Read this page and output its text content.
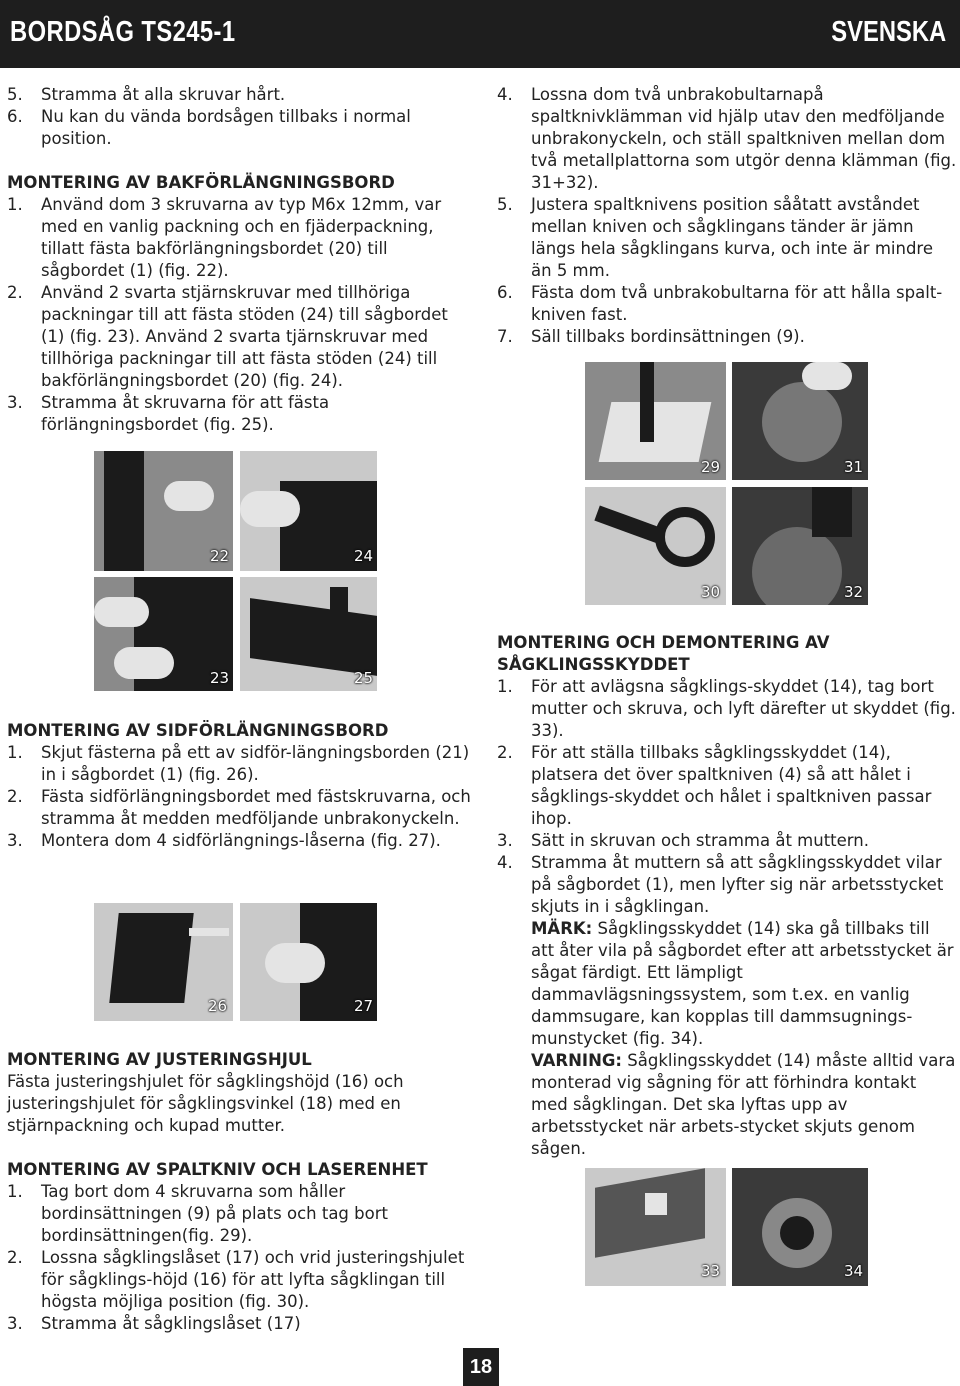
BORDSÅG TS245-1	SVENSKA
5. Stramma åt alla skruvar hårt.
6. Nu kan du vända bordsågen tillbaks i normal position.

MONTERING AV BAKFÖRLÄNGNINGSBORD

1. Använd dom 3 skruvarna av typ M6x 12mm, var med en vanlig packning och en fjäderpackning, tillatt fästa bakförlängningsbordet (20) till sågbordet (1) (fig. 22).
2. Använd 2 svarta stjärnskruvar med tillhöriga packningar till att fästa stöden (24) till sågbordet (1) (fig. 23). Använd 2 svarta tjärnskruvar med tillhöriga packningar till att fästa stöden (24) till bakförlängningsbordet (20) (fig. 24).
3. Stramma åt skruvarna för att fästa förlängningsbordet (fig. 25).
22	24
23	25

MONTERING AV SIDFÖRLÄNGNINGSBORD

1. Skjut fästerna på ett av sidför-längningsborden (21) in i sågbordet (1) (fig. 26).
2. Fästa sidförlängningsbordet med fästskruvarna, och stramma åt medden medföljande unbrakonyckeln.
3. Montera dom 4 sidförlängnings-låserna (fig. 27).
26	27

MONTERING AV JUSTERINGSHJUL

Fästa justeringshjulet för sågklingshöjd (16) och justeringshjulet för sågklingsvinkel (18) med en stjärnpackning och kupad mutter.

MONTERING AV SPALTKNIV OCH LASERENHET

1. Tag bort dom 4 skruvarna som håller bordinsättningen (9) på plats och tag bort bordinsättningen(fig. 29).
2. Lossna sågklingslåset (17) och vrid justeringshjulet för sågklings-höjd (16) för att lyfta sågklingan till högsta möjliga position (fig. 30).
3. Stramma åt sågklingslåset (17)
4. Lossna dom två unbrakobultarnapå spaltknivklämman vid hjälp utav den medföljande unbrakonyckeln, och ställ spaltkniven mellan dom två metallplattorna som utgör denna klämman (fig. 31+32).
5. Justera spaltknivens position sååtatt avståndet mellan kniven och sågklingans tänder är jämn längs hela sågklingans kurva, och inte är mindre än 5 mm.
6. Fästa dom två unbrakobultarna för att hålla spalt-kniven fast.
7. Säll tillbaks bordinsättningen (9).
29	31
30	32

MONTERING OCH DEMONTERING AV SÅGKLINGSSKYDDET

1. För att avlägsna sågklings-skyddet (14), tag bort mutter och skruva, och lyft därefter ut skyddet (fig. 33).
2. För att ställa tillbaks sågklingsskyddet (14), platsera det över spaltkniven (4) så att hålet i sågklings-skyddet och hålet i spaltkniven passar ihop.
3. Sätt in skruvan och stramma åt muttern.
4. Stramma åt muttern så att sågklingsskyddet vilar på sågbordet (1), men lyfter sig när arbetsstycket skjuts in i sågklingan.

MÄRK: Sågklingsskyddet (14) ska gå tillbaks till att åter vila på sågbordet efter att arbetsstycket är sågat färdigt. Ett lämpligt dammavlägsningssystem, som t.ex. en vanlig dammsugare, kan kopplas till dammsugnings-munstycket (fig. 34).

VARNING: Sågklingsskyddet (14) måste alltid vara monterad vig sågning för att förhindra kontakt med sågklingan. Det ska lyftas upp av arbetsstycket när arbets-stycket skjuts genom sågen.

33	34
18
